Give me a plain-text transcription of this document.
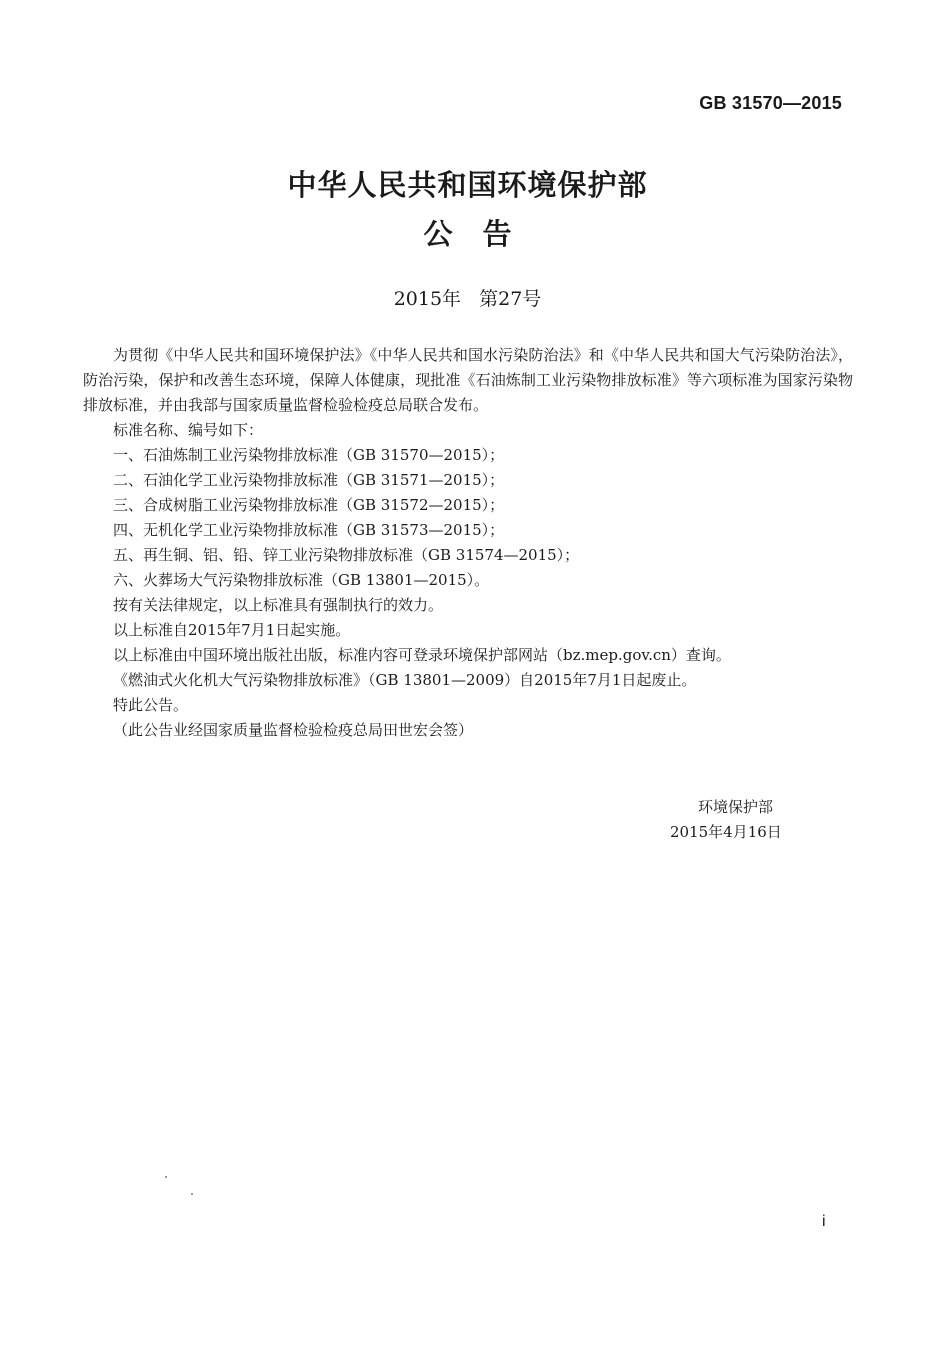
GB 31570—2015
中华人民共和国环境保护部
公告
2015年 第27号

为贯彻《中华人民共和国环境保护法》《中华人民共和国水污染防治法》和《中华人民共和国大气污染防治法》，防治污染，保护和改善生态环境，保障人体健康，现批准《石油炼制工业污染物排放标准》等六项标准为国家污染物排放标准，并由我部与国家质量监督检验检疫总局联合发布。

标准名称、编号如下：

一、石油炼制工业污染物排放标准（GB 31570—2015）；

二、石油化学工业污染物排放标准（GB 31571—2015）；

三、合成树脂工业污染物排放标准（GB 31572—2015）；

四、无机化学工业污染物排放标准（GB 31573—2015）；

五、再生铜、铝、铅、锌工业污染物排放标准（GB 31574—2015）；

六、火葬场大气污染物排放标准（GB 13801—2015）。

按有关法律规定，以上标准具有强制执行的效力。

以上标准自2015年7月1日起实施。

以上标准由中国环境出版社出版，标准内容可登录环境保护部网站（bz.mep.gov.cn）查询。

《燃油式火化机大气污染物排放标准》（GB 13801—2009）自2015年7月1日起废止。

特此公告。

（此公告业经国家质量监督检验检疫总局田世宏会签）

环境保护部
2015年4月16日
i
